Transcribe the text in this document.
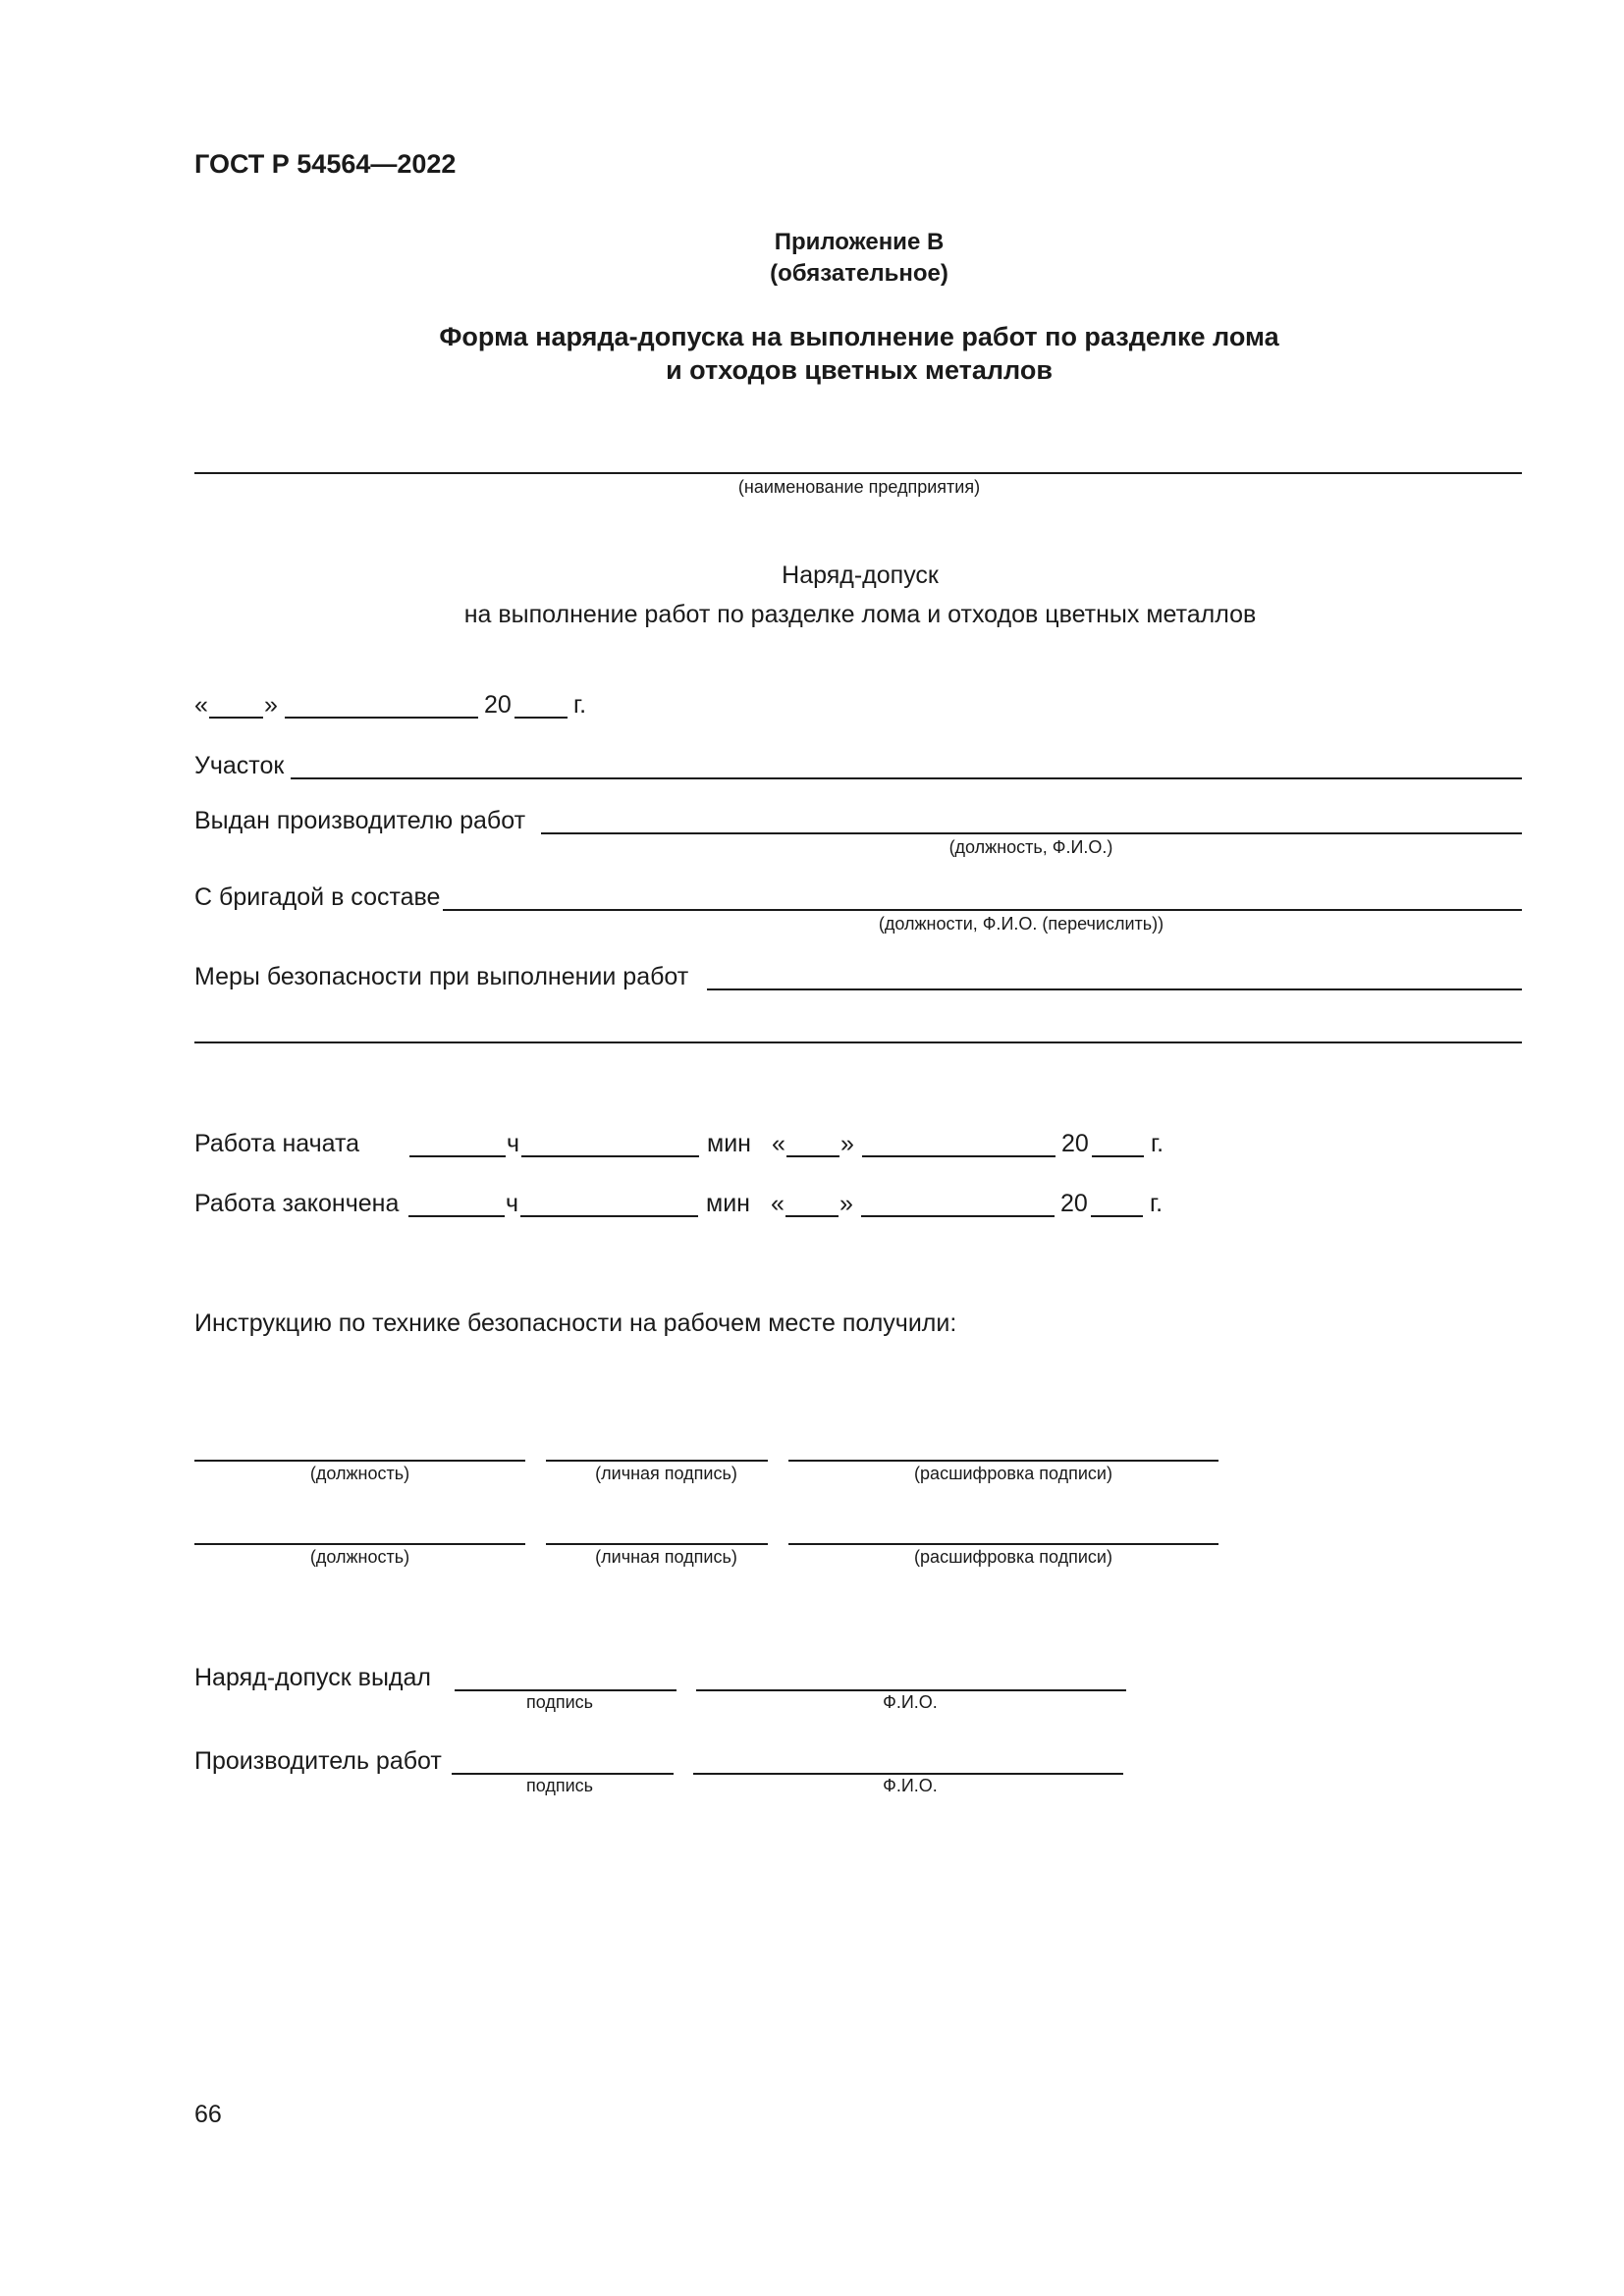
ГОСТ Р 54564—2022
Приложение В
(обязательное)
Форма наряда-допуска на выполнение работ по разделке лома
и отходов цветных металлов
(наименование предприятия)
Наряд-допуск
на выполнение работ по разделке лома и отходов цветных металлов
« »	20	г.
Участок
Выдан производителю работ
(должность, Ф.И.О.)
С бригадой в составе
(должности, Ф.И.О. (перечислить))
Меры безопасности при выполнении работ
Работа начата	ч	мин « »	20	г.
Работа закончена	ч	мин « »	20	г.
Инструкцию по технике безопасности на рабочем месте получили:
(должность)	(личная подпись)	(расшифровка подписи)
(должность)	(личная подпись)	(расшифровка подписи)
Наряд-допуск выдал
подпись	Ф.И.О.
Производитель работ
подпись	Ф.И.О.
66
